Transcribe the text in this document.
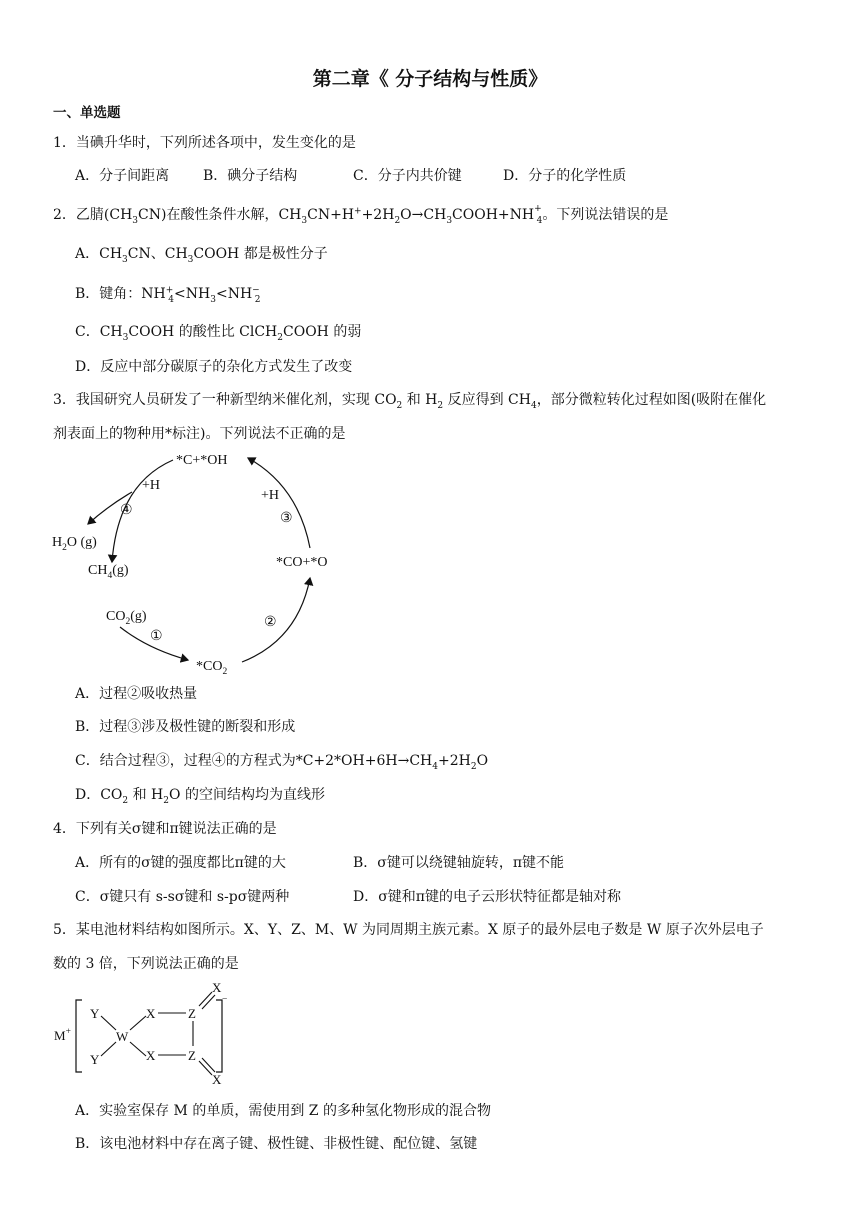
第二章《 分子结构与性质》
一、单选题
1．当碘升华时，下列所述各项中，发生变化的是
A．分子间距离 B．碘分子结构	C．分子内共价键	D．分子的化学性质
2．乙腈$(CH_3CN)$在酸性条件水解，$CH_3CN+H^++2H_2O\to CH_3COOH+NH^+_4$。下列说法错误的是
A．$CH_3CN$、$CH_3COOH$ 都是极性分子
B．键角：$NH^+_4<NH_3<NH^-_2$
C．$CH_3COOH$ 的酸性比 ClCH$_2$COOH 的弱
D．反应中部分碳原子的杂化方式发生了改变
3．我国研究人员研发了一种新型纳米催化剂，实现 $CO_2$ 和 $H_2$ 反应得到 $CH_4$，部分微粒转化过程如图(吸附在催化
剂表面上的物种用*标注)。下列说法不正确的是
*C+*OH
*CO+*O
$*CO_2$
$CO_2(g)$
$H_2O$ (g)
$CH_4(g)$
+H
+H
④
③
②
①
A．过程②吸收热量
B．过程③涉及极性键的断裂和形成
C．结合过程③，过程④的方程式为$*C+2*OH+6H\to CH_4+2H_2O$
D．$CO_2$ 和 $H_2O$ 的空间结构均为直线形
4．下列有关σ键和π键说法正确的是
A．所有的σ键的强度都比π键的大	B．σ键可以绕键轴旋转，π键不能
C．σ键只有 s-sσ键和 s-pσ键两种	D．σ键和π键的电子云形状特征都是轴对称
5．某电池材料结构如图所示。X、Y、Z、M、W 为同周期主族元素。X 原子的最外层电子数是 W 原子次外层电子
数的 3 倍，下列说法正确的是
M+
−
Y
Y
W
X
X
Z
Z
X
X
A．实验室保存 M 的单质，需使用到 Z 的多种氢化物形成的混合物
B．该电池材料中存在离子键、极性键、非极性键、配位键、氢键
